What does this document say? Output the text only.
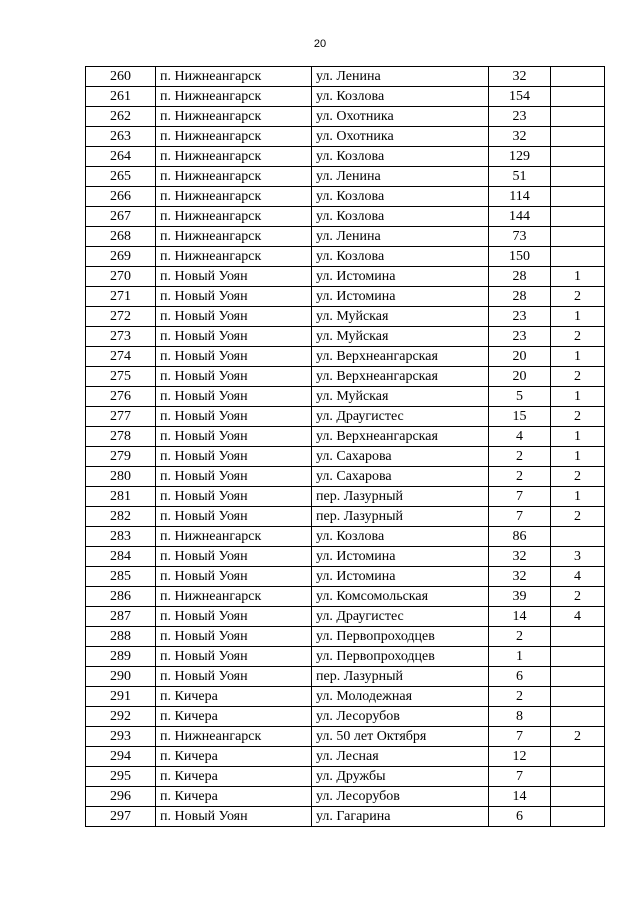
20
260	п. Нижнеангарск	ул. Ленина	32	
261	п. Нижнеангарск	ул. Козлова	154	
262	п. Нижнеангарск	ул. Охотника	23	
263	п. Нижнеангарск	ул. Охотника	32	
264	п. Нижнеангарск	ул. Козлова	129	
265	п. Нижнеангарск	ул. Ленина	51	
266	п. Нижнеангарск	ул. Козлова	114	
267	п. Нижнеангарск	ул. Козлова	144	
268	п. Нижнеангарск	ул. Ленина	73	
269	п. Нижнеангарск	ул. Козлова	150	
270	п. Новый Уоян	ул. Истомина	28	1
271	п. Новый Уоян	ул. Истомина	28	2
272	п. Новый Уоян	ул. Муйская	23	1
273	п. Новый Уоян	ул. Муйская	23	2
274	п. Новый Уоян	ул. Верхнеангарская	20	1
275	п. Новый Уоян	ул. Верхнеангарская	20	2
276	п. Новый Уоян	ул. Муйская	5	1
277	п. Новый Уоян	ул. Драугистес	15	2
278	п. Новый Уоян	ул. Верхнеангарская	4	1
279	п. Новый Уоян	ул. Сахарова	2	1
280	п. Новый Уоян	ул. Сахарова	2	2
281	п. Новый Уоян	пер. Лазурный	7	1
282	п. Новый Уоян	пер. Лазурный	7	2
283	п. Нижнеангарск	ул. Козлова	86	
284	п. Новый Уоян	ул. Истомина	32	3
285	п. Новый Уоян	ул. Истомина	32	4
286	п. Нижнеангарск	ул. Комсомольская	39	2
287	п. Новый Уоян	ул. Драугистес	14	4
288	п. Новый Уоян	ул. Первопроходцев	2	
289	п. Новый Уоян	ул. Первопроходцев	1	
290	п. Новый Уоян	пер. Лазурный	6	
291	п. Кичера	ул. Молодежная	2	
292	п. Кичера	ул. Лесорубов	8	
293	п. Нижнеангарск	ул. 50 лет Октября	7	2
294	п. Кичера	ул. Лесная	12	
295	п. Кичера	ул. Дружбы	7	
296	п. Кичера	ул. Лесорубов	14	
297	п. Новый Уоян	ул. Гагарина	6	
